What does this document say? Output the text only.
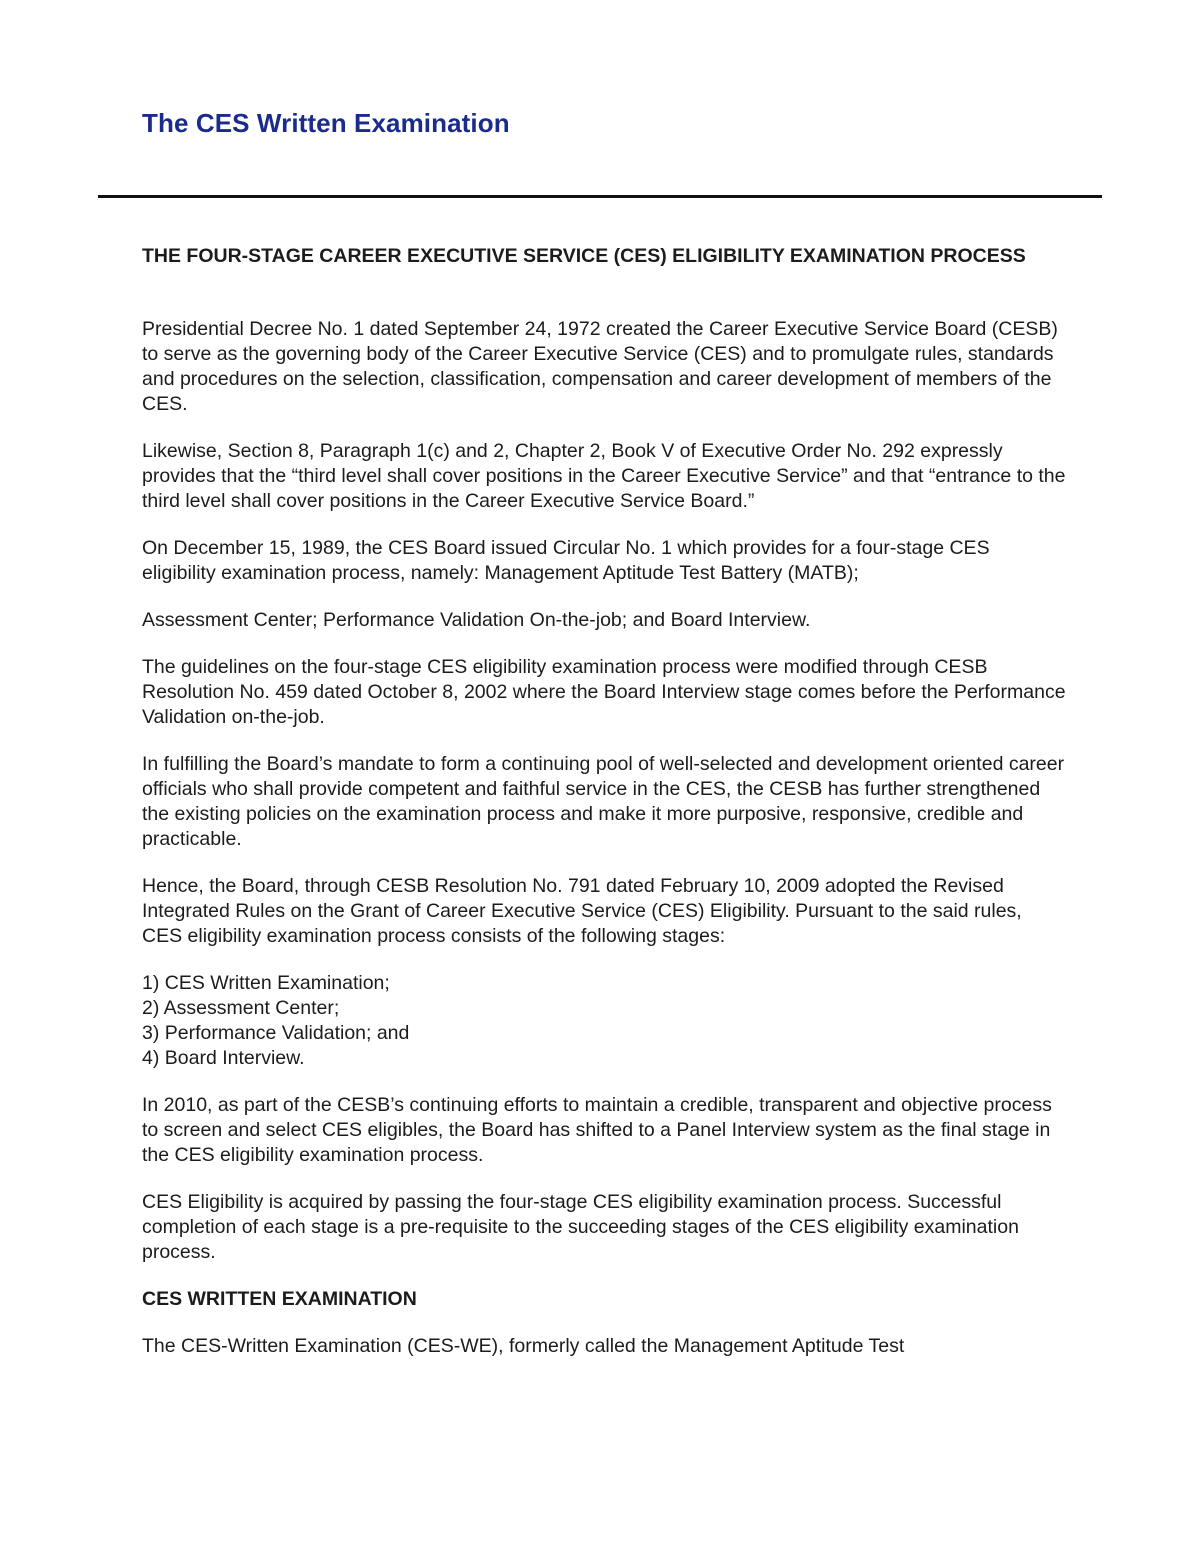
The CES Written Examination

THE FOUR-STAGE CAREER EXECUTIVE SERVICE (CES) ELIGIBILITY EXAMINATION PROCESS

Presidential Decree No. 1 dated September 24, 1972 created the Career Executive Service Board (CESB) to serve as the governing body of the Career Executive Service (CES) and to promulgate rules, standards and procedures on the selection, classification, compensation and career development of members of the CES.

Likewise, Section 8, Paragraph 1(c) and 2, Chapter 2, Book V of Executive Order No. 292 expressly provides that the “third level shall cover positions in the Career Executive Service” and that “entrance to the third level shall cover positions in the Career Executive Service Board.”

On December 15, 1989, the CES Board issued Circular No. 1 which provides for a four-stage CES eligibility examination process, namely: Management Aptitude Test Battery (MATB);

Assessment Center; Performance Validation On-the-job; and Board Interview.

The guidelines on the four-stage CES eligibility examination process were modified through CESB Resolution No. 459 dated October 8, 2002 where the Board Interview stage comes before the Performance Validation on-the-job.

In fulfilling the Board’s mandate to form a continuing pool of well-selected and development oriented career officials who shall provide competent and faithful service in the CES, the CESB has further strengthened the existing policies on the examination process and make it more purposive, responsive, credible and practicable.

Hence, the Board, through CESB Resolution No. 791 dated February 10, 2009 adopted the Revised Integrated Rules on the Grant of Career Executive Service (CES) Eligibility. Pursuant to the said rules, CES eligibility examination process consists of the following stages:

1) CES Written Examination;
2) Assessment Center;
3) Performance Validation; and
4) Board Interview.

In 2010, as part of the CESB’s continuing efforts to maintain a credible, transparent and objective process to screen and select CES eligibles, the Board has shifted to a Panel Interview system as the final stage in the CES eligibility examination process.

CES Eligibility is acquired by passing the four-stage CES eligibility examination process. Successful completion of each stage is a pre-requisite to the succeeding stages of the CES eligibility examination process.

CES WRITTEN EXAMINATION

The CES-Written Examination (CES-WE), formerly called the Management Aptitude Test
